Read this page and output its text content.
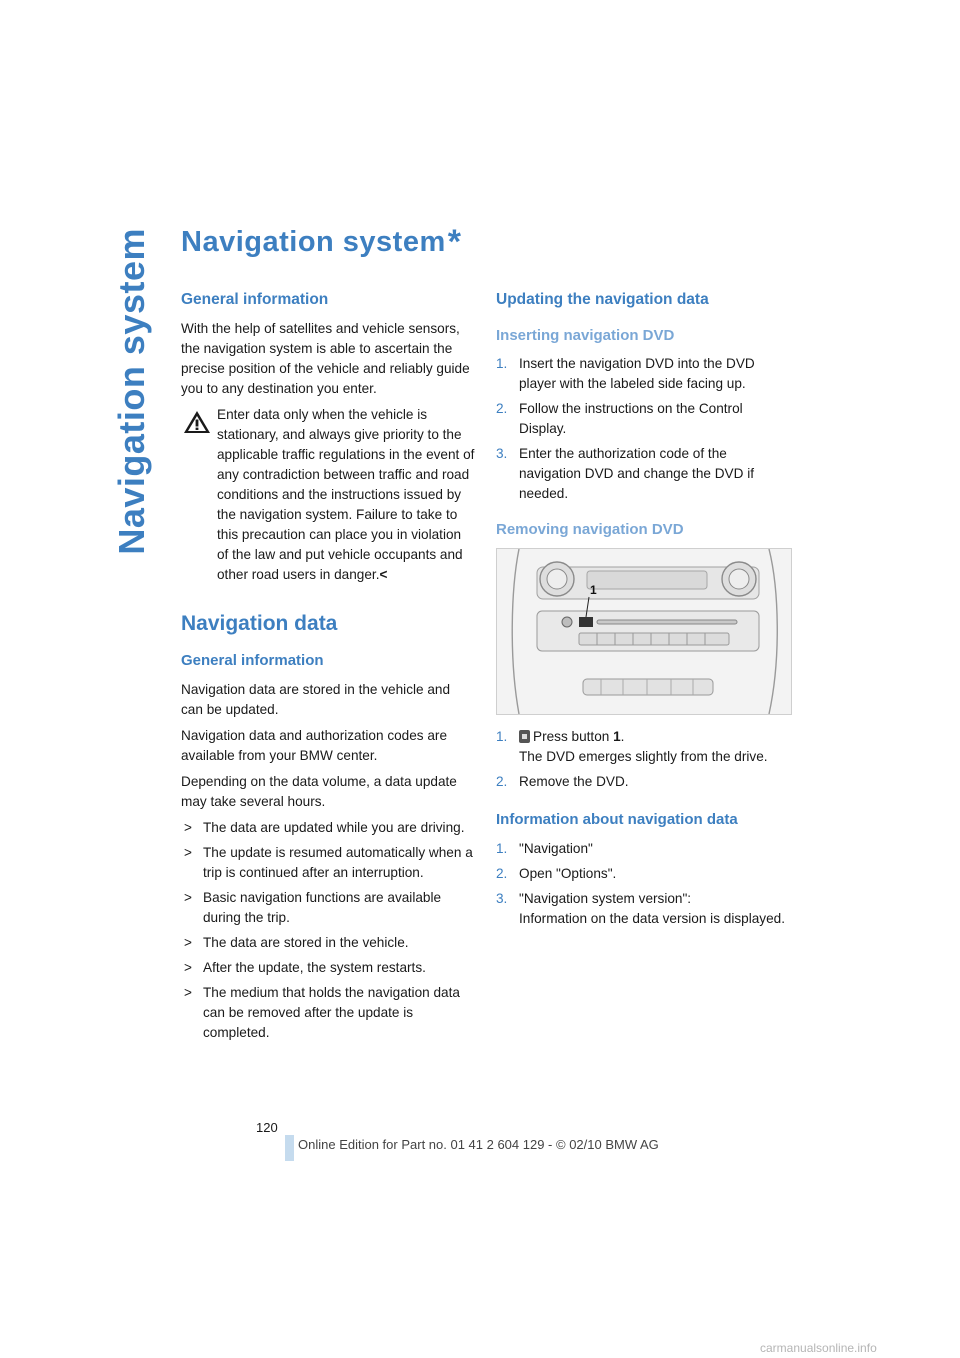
Navigation system Navigation system*
General information

With the help of satellites and vehicle sensors, the navigation system is able to ascertain the precise position of the vehicle and reliably guide you to any destination you enter.

Enter data only when the vehicle is stationary, and always give priority to the applicable traffic regulations in the event of any contradiction between traffic and road conditions and the instructions issued by the navigation system. Failure to take to this precaution can place you in violation of the law and put vehicle occupants and other road users in danger.<
Navigation data
General information

Navigation data are stored in the vehicle and can be updated.

Navigation data and authorization codes are available from your BMW center.

Depending on the data volume, a data update may take several hours.

> The data are updated while you are driving.
> The update is resumed automatically when a trip is continued after an interruption.
> Basic navigation functions are available during the trip.
> The data are stored in the vehicle.
> After the update, the system restarts.
> The medium that holds the navigation data can be removed after the update is completed.
Updating the navigation data
Inserting navigation DVD
1. Insert the navigation DVD into the DVD player with the labeled side facing up.
2. Follow the instructions on the Control Display.
3. Enter the authorization code of the navigation DVD and change the DVD if needed.
Removing navigation DVD
1
1. Press button 1.
The DVD emerges slightly from the drive.
2. Remove the DVD.
Information about navigation data
1. "Navigation"
2. Open "Options".
3. "Navigation system version":
Information on the data version is displayed.
120
Online Edition for Part no. 01 41 2 604 129 - © 02/10 BMW AG
carmanualsonline.info
